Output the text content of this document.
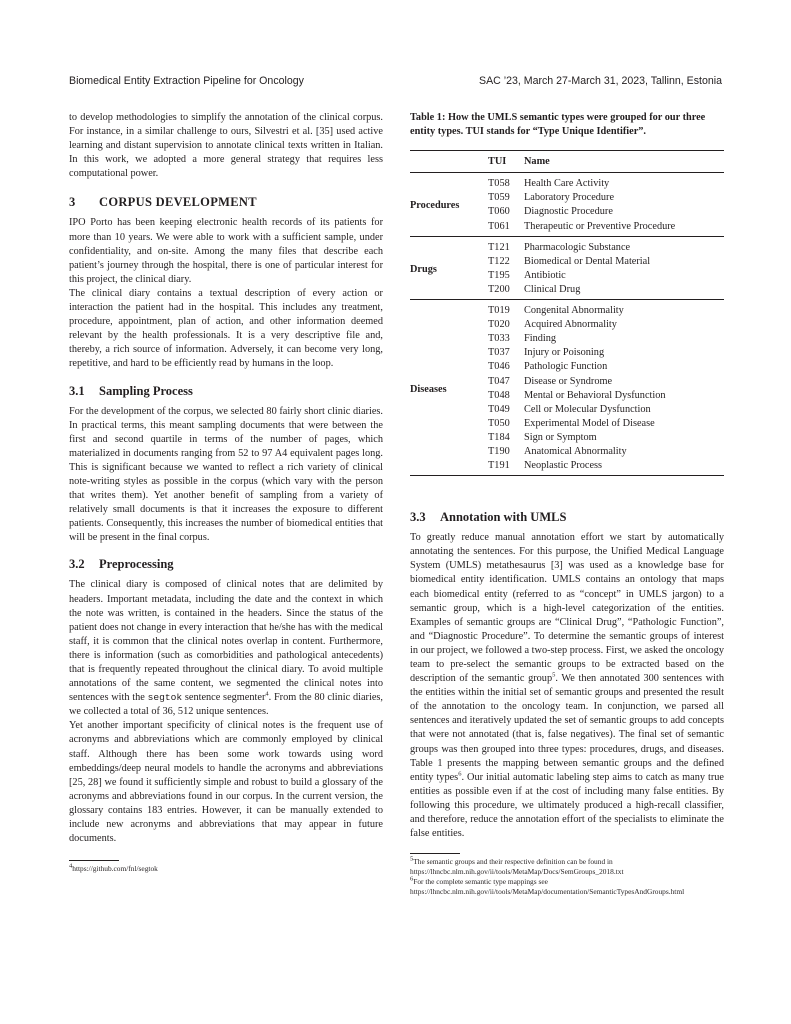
Biomedical Entity Extraction Pipeline for Oncology	SAC ’23, March 27-March 31, 2023, Tallinn, Estonia

to develop methodologies to simplify the annotation of the clinical corpus. For instance, in a similar challenge to ours, Silvestri et al. [35] used active learning and distant supervision to annotate clinical texts written in Italian. In this work, we adopted a more general strategy that requires less computational power.

3 CORPUS DEVELOPMENT

IPO Porto has been keeping electronic health records of its patients for more than 10 years. We were able to work with a sufficient sample, under confidentiality, and on-site. Among the many files that describe each patient’s journey through the hospital, there is one of particular interest for this project, the clinical diary.

The clinical diary contains a textual description of every action or interaction the patient had in the hospital. This includes any treatment, procedure, appointment, plan of action, and other information deemed relevant by the health professionals. It is a very descriptive file and, thereby, a rich source of information. Adversely, it can become very long, repetitive, and hard to be efficiently read by humans in the loop.

3.1 Sampling Process

For the development of the corpus, we selected 80 fairly short clinic diaries. In practical terms, this meant sampling documents that were between the first and second quartile in terms of the number of pages, which materialized in documents ranging from 52 to 97 A4 equivalent pages long. This is significant because we wanted to reflect a rich variety of clinical note-writing styles as possible in the corpus (which vary with the person that writes them). Yet another benefit of sampling from a variety of relatively small documents is that it increases the exposure to different patients. Consequently, this increases the number of biomedical entities that will be present in the final corpus.

3.2 Preprocessing

The clinical diary is composed of clinical notes that are delimited by headers. Important metadata, including the date and the context in which the note was written, is contained in the headers. Since the status of the patient does not change in every interaction that he/she has with the medical staff, it is common that the clinical notes overlap in content. Furthermore, there is information (such as comorbidities and pathological antecedents) that is frequently repeated throughout the clinical diary. To avoid multiple annotations of the same content, we segmented the clinical notes into sentences with the segtok sentence segmenter$^4$. From the 80 clinic diaries, we collected a total of 36, 512 unique sentences.

Yet another important specificity of clinical notes is the frequent use of acronyms and abbreviations which are commonly employed by clinical staff. Although there has been some work towards using word embeddings/deep neural models to handle the acronyms and abbreviations [25, 28] we found it sufficiently simple and robust to build a glossary of the acronyms and abbreviations found in our corpus. In the current version, the glossary contains 183 entries. However, it can be manually extended to include new acronyms and abbreviations that may appear in future documents.

$^4$https://github.com/fnl/segtok

Table 1: How the UMLS semantic types were grouped for our three entity types. TUI stands for “Type Unique Identifier”.

	TUI	Name
Procedures	T058	Health Care Activity
	T059	Laboratory Procedure
	T060	Diagnostic Procedure
	T061	Therapeutic or Preventive Procedure
Drugs	T121	Pharmacologic Substance
	T122	Biomedical or Dental Material
	T195	Antibiotic
	T200	Clinical Drug
Diseases	T019	Congenital Abnormality
	T020	Acquired Abnormality
	T033	Finding
	T037	Injury or Poisoning
	T046	Pathologic Function
	T047	Disease or Syndrome
	T048	Mental or Behavioral Dysfunction
	T049	Cell or Molecular Dysfunction
	T050	Experimental Model of Disease
	T184	Sign or Symptom
	T190	Anatomical Abnormality
	T191	Neoplastic Process
3.3 Annotation with UMLS

To greatly reduce manual annotation effort we start by automatically annotating the sentences. For this purpose, the Unified Medical Language System (UMLS) metathesaurus [3] was used as a knowledge base for biomedical entity identification. UMLS contains an ontology that maps each biomedical entity (referred to as “concept” in UMLS jargon) to a semantic group, which is a high-level categorization of the entities. Examples of semantic groups are “Clinical Drug”, “Pathologic Function”, and “Diagnostic Procedure”. To determine the semantic groups of interest in our project, we followed a two-step process. First, we asked the oncology team to pre-select the semantic groups to be extracted based on the description of the semantic group$^5$. We then annotated 300 sentences with the entities within the initial set of semantic groups and presented the result of the annotation to the oncology team. In conjunction, we parsed all sentences and iteratively updated the set of semantic groups to add concepts that were not annotated (that is, false negatives). The final set of semantic groups was then grouped into three types: procedures, drugs, and diseases. Table 1 presents the mapping between semantic groups and the defined entity types$^6$. Our initial automatic labeling step aims to catch as many true entities as possible even if at the cost of including many false entities. By following this procedure, we ultimately produced a high-recall classifier, and therefore, reduce the annotation effort of the specialists to eliminate the false entities.

$^5$The semantic groups and their respective definition can be found in https://lhncbc.nlm.nih.gov/ii/tools/MetaMap/Docs/SemGroups_2018.txt

$^6$For the complete semantic type mappings see https://lhncbc.nlm.nih.gov/ii/tools/MetaMap/documentation/SemanticTypesAndGroups.html
